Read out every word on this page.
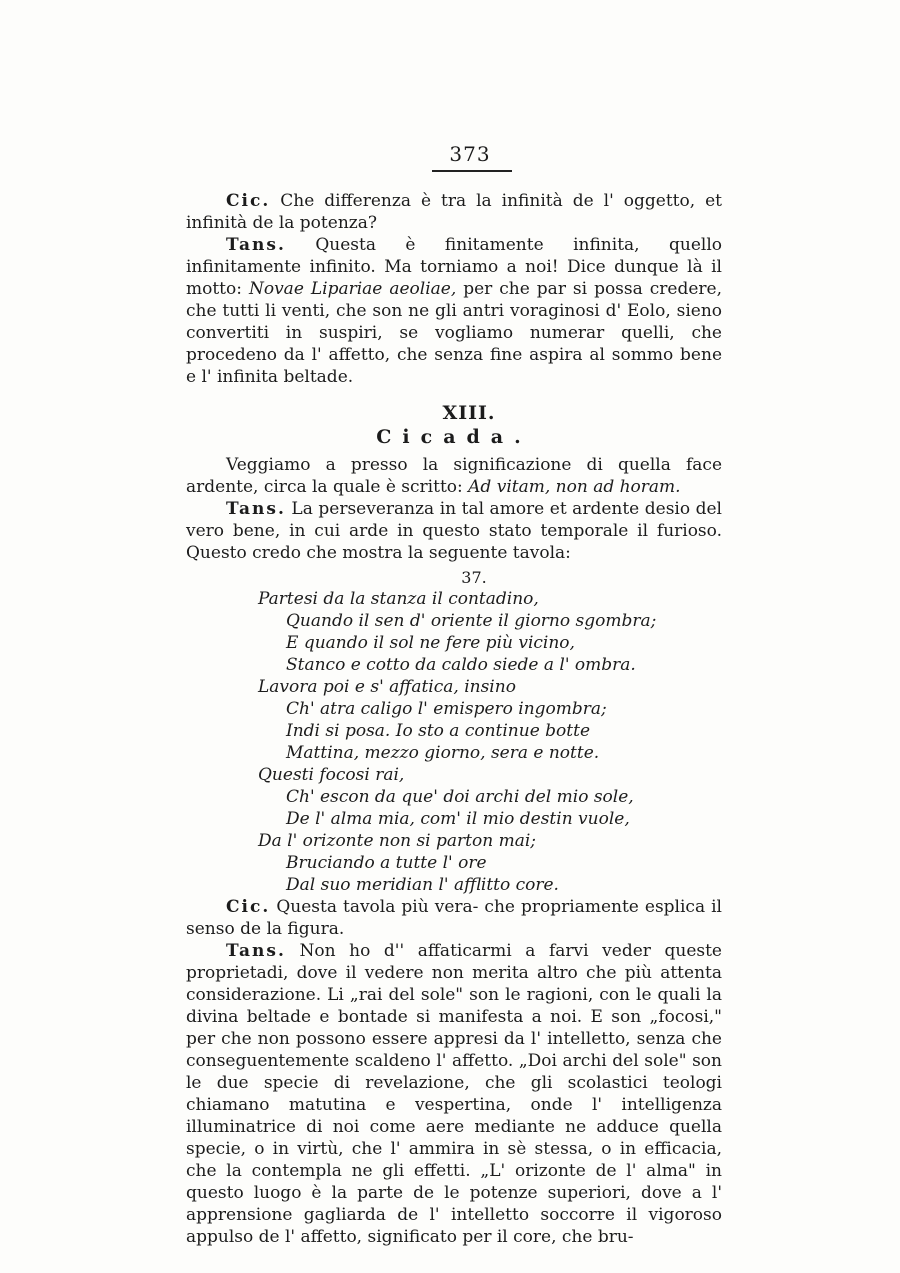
373

Cic. Che differenza è tra la infinità de l' oggetto, et infinità de la potenza?

Tans. Questa è finitamente infinita, quello infinitamente infinito. Ma torniamo a noi! Dice dunque là il motto: Novae Lipariae aeoliae, per che par si possa credere, che tutti li venti, che son ne gli antri voraginosi d' Eolo, sieno convertiti in suspiri, se vogliamo numerar quelli, che procedeno da l' affetto, che senza fine aspira al sommo bene e l' infinita beltade.

XIII.
Cicada.

Veggiamo a presso la significazione di quella face ardente, circa la quale è scritto: Ad vitam, non ad horam.

Tans. La perseveranza in tal amore et ardente desio del vero bene, in cui arde in questo stato temporale il furioso. Questo credo che mostra la seguente tavola:

37.
Partesi da la stanza il contadino,
Quando il sen d' oriente il giorno sgombra;
E quando il sol ne fere più vicino,
Stanco e cotto da caldo siede a l' ombra.
Lavora poi e s' affatica, insino
Ch' atra caligo l' emispero ingombra;
Indi si posa. Io sto a continue botte
Mattina, mezzo giorno, sera e notte.
Questi focosi rai,
Ch' escon da que' doi archi del mio sole,
De l' alma mia, com' il mio destin vuole,
Da l' orizonte non si parton mai;
Bruciando a tutte l' ore
Dal suo meridian l' afflitto core.

Cic. Questa tavola più vera- che propriamente esplica il senso de la figura.

Tans. Non ho d'' affaticarmi a farvi veder queste proprietadi, dove il vedere non merita altro che più attenta considerazione. Li „rai del sole" son le ragioni, con le quali la divina beltade e bontade si manifesta a noi. E son „focosi," per che non possono essere appresi da l' intelletto, senza che conseguentemente scaldeno l' affetto. „Doi archi del sole" son le due specie di revelazione, che gli scolastici teologi chiamano matutina e vespertina, onde l' intelligenza illuminatrice di noi come aere mediante ne adduce quella specie, o in virtù, che l' ammira in sè stessa, o in efficacia, che la contempla ne gli effetti. „L' orizonte de l' alma" in questo luogo è la parte de le potenze superiori, dove a l' apprensione gagliarda de l' intelletto soccorre il vigoroso appulso de l' affetto, significato per il core, che bru-
